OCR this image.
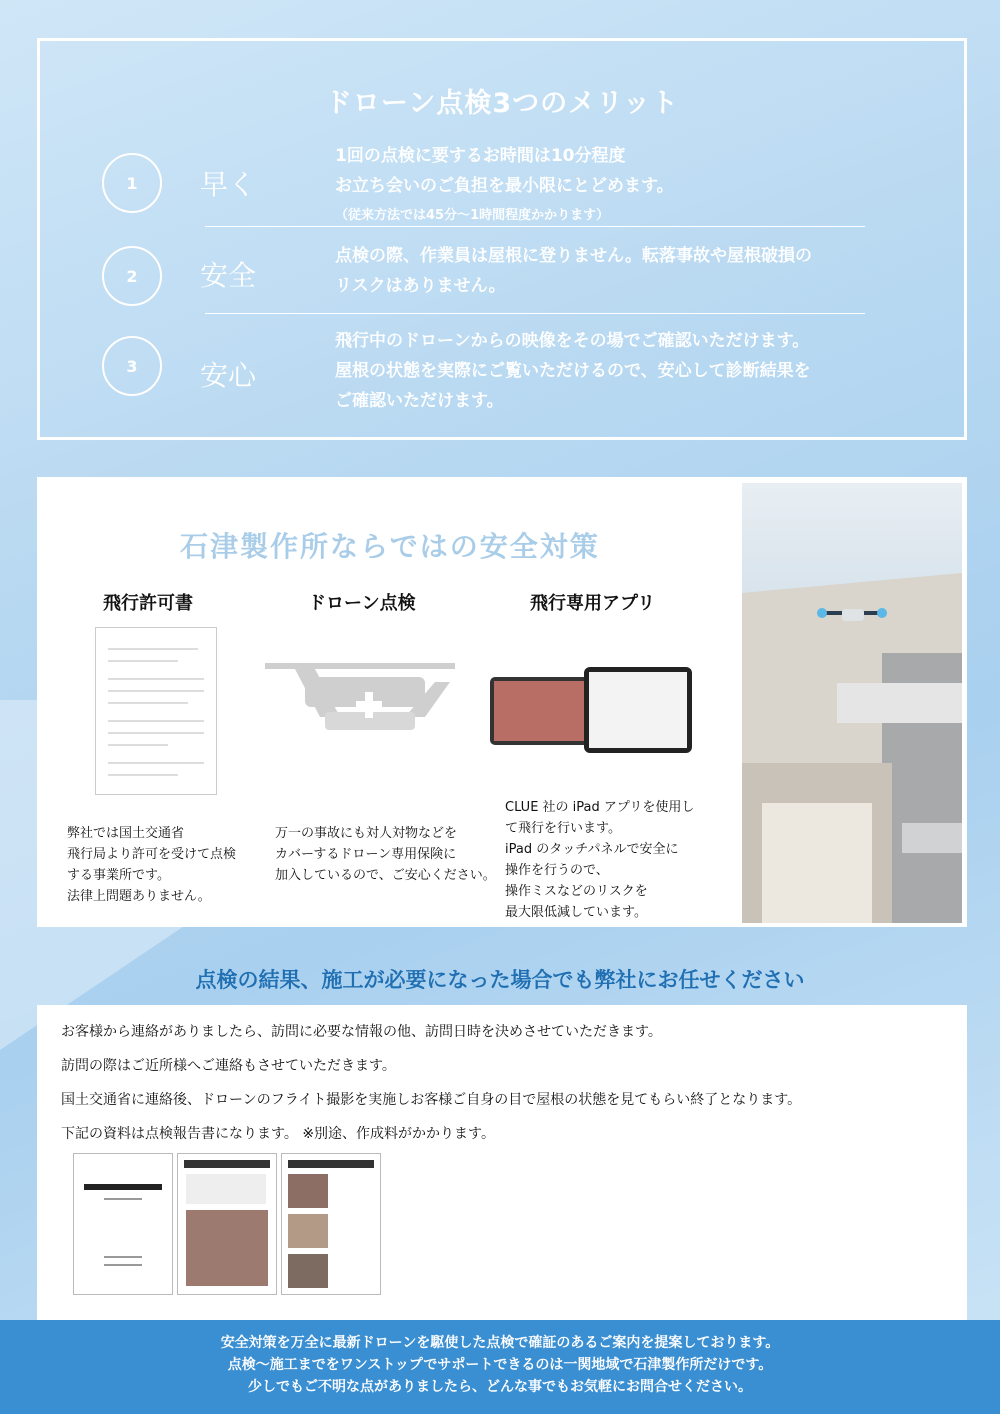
ドローン点検3つのメリット
1	早く
1回の点検に要するお時間は10分程度
お立ち会いのご負担を最小限にとどめます。
（従来方法では45分〜1時間程度かかります）
2	安全
点検の際、作業員は屋根に登りません。転落事故や屋根破損の
リスクはありません。
3	安心
飛行中のドローンからの映像をその場でご確認いただけます。
屋根の状態を実際にご覧いただけるので、安心して診断結果を
ご確認いただけます。
石津製作所ならではの安全対策
飛行許可書	ドローン点検	飛行専用アプリ
弊社では国土交通省
飛行局より許可を受けて点検
する事業所です。
法律上問題ありません。
万一の事故にも対人対物などを
カバーするドローン専用保険に
加入しているので、ご安心ください。
CLUE 社の iPad アプリを使用し
て飛行を行います。
iPad のタッチパネルで安全に
操作を行うので、
操作ミスなどのリスクを
最大限低減しています。
点検の結果、施工が必要になった場合でも弊社にお任せください
お客様から連絡がありましたら、訪問に必要な情報の他、訪問日時を決めさせていただきます。
訪問の際はご近所様へご連絡もさせていただきます。
国土交通省に連絡後、ドローンのフライト撮影を実施しお客様ご自身の目で屋根の状態を見てもらい終了となります。
下記の資料は点検報告書になります。 ※別途、作成料がかかります。
安全対策を万全に最新ドローンを駆使した点検で確証のあるご案内を提案しております。
点検～施工までをワンストップでサポートできるのは一関地域で石津製作所だけです。
少しでもご不明な点がありましたら、どんな事でもお気軽にお問合せください。
